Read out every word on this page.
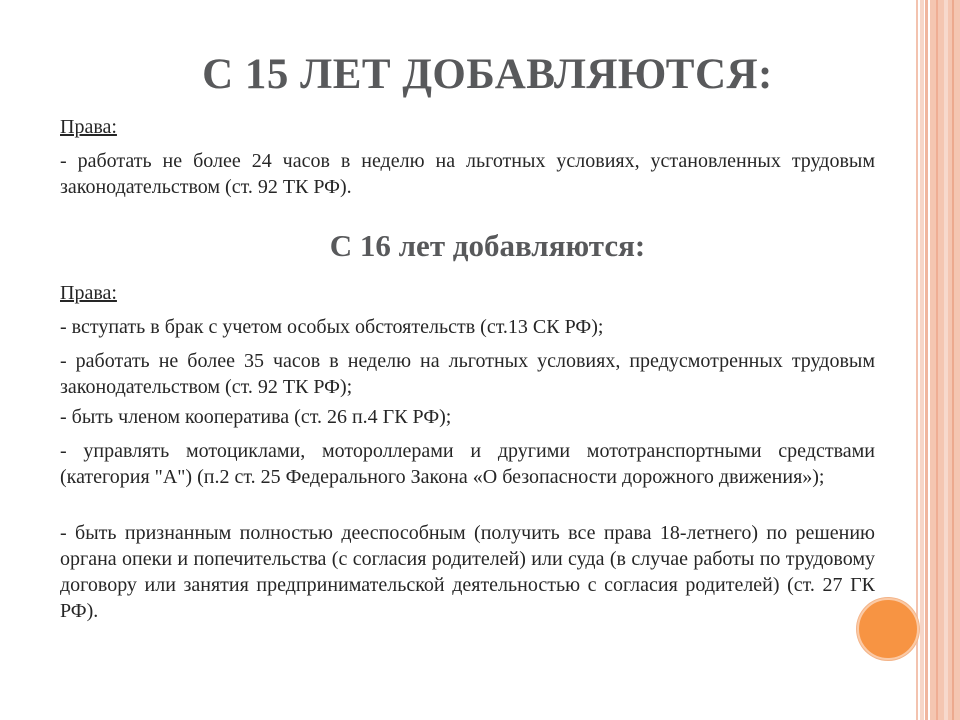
С 15 ЛЕТ ДОБАВЛЯЮТСЯ:
Права:
- работать не более 24 часов в неделю на льготных условиях, установленных трудовым законодательством (ст. 92 ТК РФ).
С 16 лет добавляются:
Права:
- вступать в брак с учетом особых обстоятельств (ст.13 СК РФ);
- работать не более 35 часов в неделю на льготных условиях, предусмотренных трудовым законодательством (ст. 92 ТК РФ);
- быть членом кооператива (ст. 26 п.4 ГК РФ);
- управлять мотоциклами, мотороллерами и другими мототранспортными средствами (категория "А") (п.2 ст. 25 Федерального Закона «О безопасности дорожного движения»);
- быть признанным полностью дееспособным (получить все права 18-летнего) по решению органа опеки и попечительства (с согласия родителей) или суда (в случае работы по трудовому договору или занятия предпринимательской деятельностью с согласия родителей) (ст. 27 ГК РФ).
